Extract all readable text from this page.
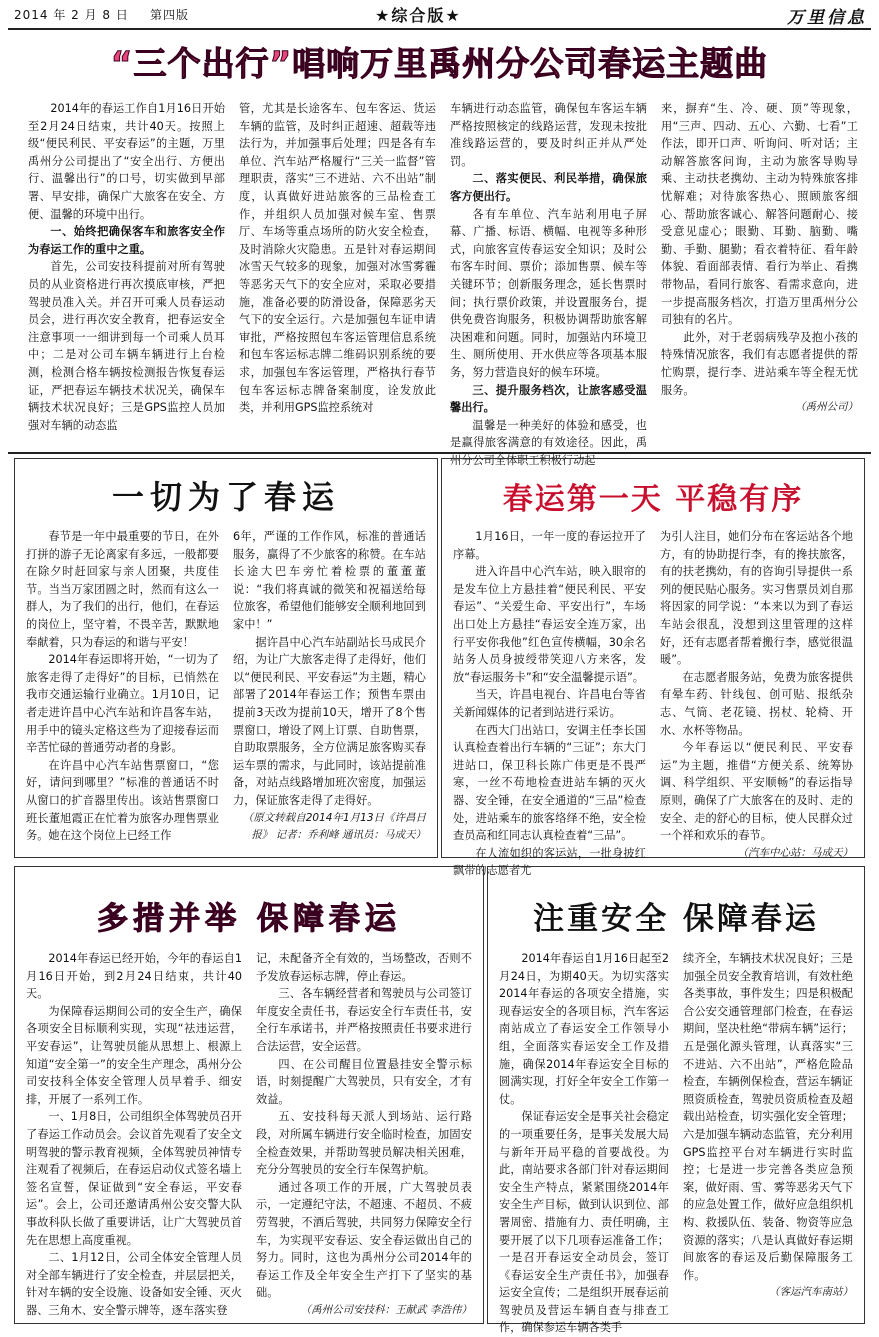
2014 年 2 月 8 日 第四版	★综合版★	万里信息
“三个出行”唱响万里禹州分公司春运主题曲

2014年的春运工作自1月16日开始至2月24日结束，共计40天。按照上级“便民利民、平安春运”的主题，万里禹州分公司提出了“安全出行、方便出行、温馨出行”的口号，切实做到早部署、早安排，确保广大旅客在安全、方便、温馨的环境中出行。

一、始终把确保客车和旅客安全作为春运工作的重中之重。

首先，公司安技科提前对所有驾驶员的从业资格进行再次摸底审核，严把驾驶员准入关。并召开可乘人员春运动员会，进行再次安全教育，把春运安全注意事项一一细讲到每一个司乘人员耳中；二是对公司车辆车辆进行上台检测，检测合格车辆按检测报告恢复春运证，严把春运车辆技术状况关，确保车辆技术状况良好；三是GPS监控人员加强对车辆的动态监

管，尤其是长途客车、包车客运、货运车辆的监管，及时纠正超速、超载等违法行为，并加强事后处理；四是各有车单位、汽车站严格履行“三关一监督”管理职责，落实“三不进站、六不出站”制度，认真做好进站旅客的三品检查工作，并组织人员加强对候车室、售票厅、车场等重点场所的防火安全检查，及时消除火灾隐患。五是针对春运期间冰雪天气较多的现象，加强对冰雪雾霾等恶劣天气下的安全应对，采取必要措施，准备必要的防滑设备，保障恶劣天气下的安全运行。六是加强包车证申请审批，严格按照包车客运管理信息系统和包车客运标志牌二维码识别系统的要求，加强包车客运管理，严格执行春节包车客运标志牌备案制度，诠发放此类，并利用GPS监控系统对

车辆进行动态监管，确保包车客运车辆严格按照核定的线路运营，发现未按批准线路运营的，要及时纠正并从严处罚。

二、落实便民、利民举措，确保旅客方便出行。

各有车单位、汽车站利用电子屏幕、广播、标语、横幅、电视等多种形式，向旅客宣传春运安全知识；及时公布客车时间、票价；添加售票、候车等关键环节；创新服务理念，延长售票时间；执行票价政策，并设置服务台，提供免费咨询服务，积极协调帮助旅客解决困难和问题。同时，加强站内环境卫生、厕所使用、开水供应等各项基本服务，努力营造良好的候车环境。

三、提升服务档次，让旅客感受温馨出行。

温馨是一种美好的体验和感受，也是赢得旅客满意的有效途径。因此，禹州分公司全体职工积极行动起

来，摒弃“生、冷、硬、顶”等现象，用“三声、四动、五心、六勤、七看”工作法，即开口声、听询问、听对话；主动解答旅客问询，主动为旅客导购导乘、主动扶老携幼、主动为特殊旅客排忧解难；对待旅客热心、照顾旅客细心、帮助旅客诚心、解答问题耐心、接受意见虚心；眼勤、耳勤、脑勤、嘴勤、手勤、腿勤；看衣着特征、看年龄体貌、看面部表情、看行为举止、看携带物品，看同行旅客、看需求意向，进一步提高服务档次，打造万里禹州分公司独有的名片。

此外，对于老弱病残孕及抱小孩的特殊情况旅客，我们有志愿者提供的帮忙购票，提行李、进站乘车等全程无忧服务。

（禹州公司）

一切为了春运	春运第一天 平稳有序

春节是一年中最重要的节日，在外打拼的游子无论离家有多远，一般都要在除夕时赶回家与亲人团聚，共度佳节。当当万家团圆之时，然而有这么一群人，为了我们的出行，他们，在春运的岗位上，坚守着，不畏辛苦，默默地奉献着，只为春运的和谐与平安！

2014年春运即将开始，“一切为了旅客走得了走得好”的目标，已悄然在我市交通运输行业确立。1月10日，记者走进许昌中心汽车站和许昌客车站，用手中的镜头定格这些为了迎接春运而辛苦忙碌的普通劳动者的身影。

在许昌中心汽车站售票窗口，“您好，请问到哪里？”标准的普通话不时从窗口的扩音器里传出。该站售票窗口班长董旭霞正在忙着为旅客办理售票业务。她在这个岗位上已经工作

6年，严谨的工作作风，标准的普通话服务，赢得了不少旅客的称赞。在车站长途大巴车旁忙着检票的董董董说：“我们将真诚的微笑和祝福送给每位旅客，希望他们能够安全顺利地回到家中！”

据许昌中心汽车站副站长马成民介绍，为让广大旅客走得了走得好，他们以“便民利民、平安春运”为主题，精心部署了2014年春运工作；预售车票由提前3天改为提前10天，增开了8个售票窗口，增设了网上订票、自助售票，自助取票服务，全方位满足旅客购买春运车票的需求，与此同时，该站提前准备，对站点线路增加班次密度，加强运力，保证旅客走得了走得好。

（原文转载自2014年1月13日《许昌日报》 记者：乔利峰 通讯员：马成天）

1月16日，一年一度的春运拉开了序幕。

进入许昌中心汽车站，映入眼帘的是发车位上方悬挂着“便民利民、平安春运”、“关爱生命、平安出行”，车场出口处上方悬挂“春运安全连万家，出行平安你我他”红色宣传横幅，30余名站务人员身披绶带笑迎八方来客，发放“春运服务卡”和“安全温馨提示语”。

当天，许昌电视台、许昌电台等省关新闻媒体的记者到站进行采访。

在西大门出站口，安调主任李长国认真检查着出行车辆的“三证”；东大门进站口，保卫科长陈广伟更是不畏严寒，一丝不苟地检查进站车辆的灭火器、安全锤，在安全通道的“三品”检查处，进站乘车的旅客络绎不绝，安全检查员高和红同志认真检查着“三品”。

在人流如织的客运站，一批身披红飘带的志愿者尤

为引人注目，她们分布在客运站各个地方，有的协助提行李，有的搀扶旅客，有的扶老携幼，有的咨询引导提供一系列的便民贴心服务。实习售票员刘自那将因家的同学说：“本来以为到了春运车站会很乱，没想到这里管理的这样好，还有志愿者帮着搬行李，感觉很温暖”。

在志愿者服务站，免费为旅客提供有晕车药、针线包、创可贴、报纸杂志、气筒、老花镜、拐杖、轮椅、开水、水杯等物品。

今年春运以“便民利民、平安春运”为主题，推借“方便关系、统筹协调、科学组织、平安顺畅”的春运指导原则，确保了广大旅客在的及时、走的安全、走的舒心的目标，使人民群众过一个祥和欢乐的春节。

（汽车中心站：马成天）

多措并举 保障春运	注重安全 保障春运

2014年春运已经开始，今年的春运自1月16日开始，到2月24日结束，共计40天。

为保障春运期间公司的安全生产，确保各项安全目标顺利实现，实现“祛违运营，平安春运”，让驾驶员能从思想上、根源上知道“安全第一”的安全生产理念，禹州分公司安技科全体安全管理人员早着手、细安排，开展了一系列工作。

一、1月8日，公司组织全体驾驶员召开了春运工作动员会。会议首先观看了安全文明驾驶的警示教育视频，全体驾驶员神情专注观看了视频后，在春运启动仪式签名墙上签名宣誓，保证做到“安全春运，平安春运”。会上，公司还邀请禹州公安交警大队事故科队长做了重要讲话，让广大驾驶员首先在思想上高度重视。

二、1月12日，公司全体安全管理人员对全部车辆进行了安全检查，并层层把关，针对车辆的安全设施、设备如安全锤、灭火器、三角木、安全警示牌等，逐车落实登

记，未配备齐全有效的，当场整改，否则不予发放春运标志牌，停止春运。

三、各车辆经营者和驾驶员与公司签订年度安全责任书，春运安全行车责任书，安全行车承诺书，并严格按照责任书要求进行合法运营，安全运营。

四、在公司醒目位置悬挂安全警示标语，时刻提醒广大驾驶员，只有安全，才有效益。

五、安技科每天派人到场站、运行路段，对所属车辆进行安全临时检查，加固安全检查效果，并帮助驾驶员解决相关困难，充分分驾驶员的安全行车保驾护航。

通过各项工作的开展，广大驾驶员表示，一定遵纪守法，不超速、不超员、不疲劳驾驶，不酒后驾驶，共同努力保障安全行车，为实现平安春运、安全春运做出自己的努力。同时，这也为禹州分公司2014年的春运工作及全年安全生产打下了坚实的基础。

（禹州公司安技科：王献武 李浩伟）

2014年春运自1月16日起至2月24日，为期40天。为切实落实2014年春运的各项安全措施，实现春运安全的各项目标，汽车客运南站成立了春运安全工作领导小组，全面落实春运安全工作及措施，确保2014年春运安全目标的圆满实现，打好全年安全工作第一仗。

保证春运安全是事关社会稳定的一项重要任务，是事关发展大局与新年开局平稳的首要战役。为此，南站要求各部门针对春运期间安全生产特点，紧紧围绕2014年安全生产目标，做到认识到位、部署周密、措施有力、责任明确，主要开展了以下几项春运准备工作；一是召开春运安全动员会，签订《春运安全生产责任书》，加强春运安全宣传；二是组织开展春运前驾驶员及营运车辆自查与排查工作，确保参运车辆各类手

续齐全，车辆技术状况良好；三是加强全员安全教育培训，有效杜绝各类事故，事件发生；四是积极配合公安交通管理部门检查，在春运期间，坚决杜绝“带病车辆”运行；五是强化源头管理，认真落实“三不进站、六不出站”，严格危险品检查，车辆例保检查，营运车辆证照资质检查，驾驶员资质检查及超载出站检查，切实强化安全管理；六是加强车辆动态监管，充分利用GPS监控平台对车辆进行实时监控；七是进一步完善各类应急预案，做好雨、雪、雾等恶劣天气下的应急处置工作，做好应急组织机构、救援队伍、装备、物资等应急资源的落实；八是认真做好春运期间旅客的春运及后勤保障服务工作。

（客运汽车南站）
